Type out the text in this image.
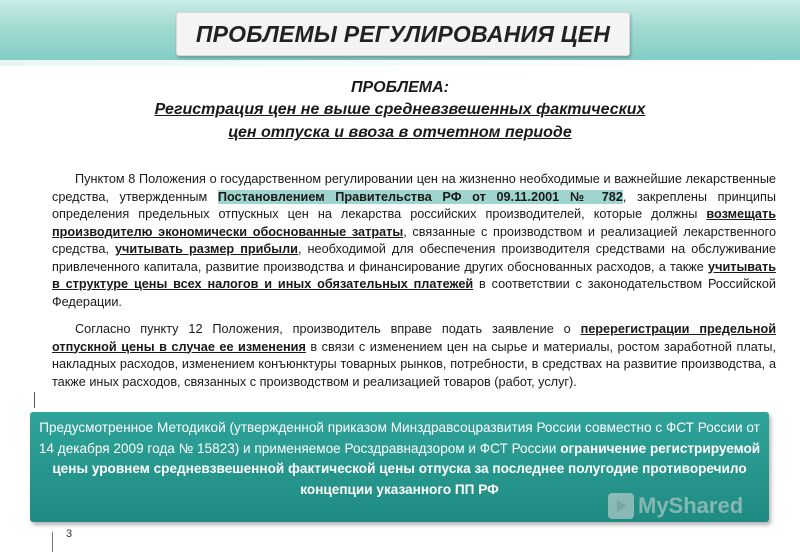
ПРОБЛЕМЫ РЕГУЛИРОВАНИЯ ЦЕН
ПРОБЛЕМА:
Регистрация цен не выше средневзвешенных фактических
цен отпуска и ввоза в отчетном периоде
Пунктом 8 Положения о государственном регулировании цен на жизненно необходимые и важнейшие лекарственные средства, утвержденным Постановлением Правительства РФ от 09.11.2001 № 782, закреплены принципы определения предельных отпускных цен на лекарства российских производителей, которые должны возмещать производителю экономически обоснованные затраты, связанные с производством и реализацией лекарственного средства, учитывать размер прибыли, необходимой для обеспечения производителя средствами на обслуживание привлеченного капитала, развитие производства и финансирование других обоснованных расходов, а также учитывать в структуре цены всех налогов и иных обязательных платежей в соответствии с законодательством Российской Федерации.
Согласно пункту 12 Положения, производитель вправе подать заявление о перерегистрации предельной отпускной цены в случае ее изменения в связи с изменением цен на сырье и материалы, ростом заработной платы, накладных расходов, изменением конъюнктуры товарных рынков, потребности, в средствах на развитие производства, а также иных расходов, связанных с производством и реализацией товаров (работ, услуг).
Предусмотренное Методикой (утвержденной приказом Минздравсоцразвития России совместно с ФСТ России от 14 декабря 2009 года № 15823) и применяемое Росздравнадзором и ФСТ России ограничение регистрируемой цены уровнем средневзвешенной фактической цены отпуска за последнее полугодие противоречило концепции указанного ПП РФ
MyShared
3
